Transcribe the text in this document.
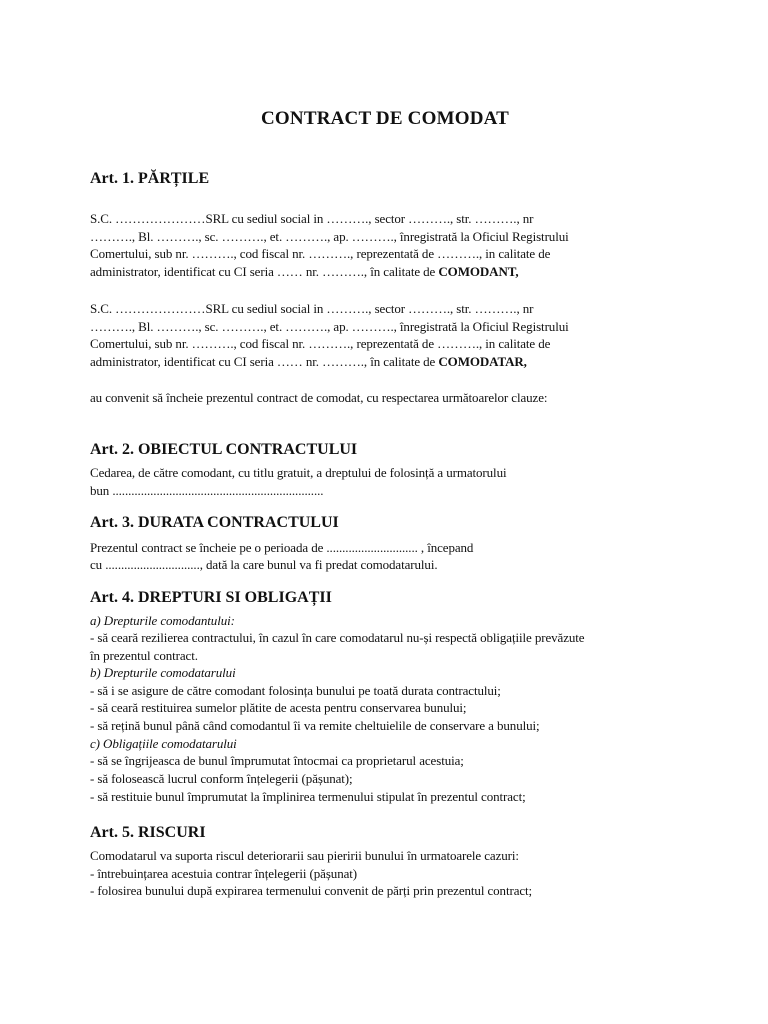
CONTRACT DE COMODAT
Art. 1. PĂRȚILE
S.C. …………………SRL cu sediul social in ………., sector ………., str. ………., nr
………., Bl. ………., sc. ………., et. ………., ap. ………., înregistrată la Oficiul Registrului
Comertului, sub nr. ………., cod fiscal nr. ………., reprezentată de ………., in calitate de
administrator, identificat cu CI seria …… nr. ………., în calitate de COMODANT,
S.C. …………………SRL cu sediul social in ………., sector ………., str. ………., nr
………., Bl. ………., sc. ………., et. ………., ap. ………., înregistrată la Oficiul Registrului
Comertului, sub nr. ………., cod fiscal nr. ………., reprezentată de ………., in calitate de
administrator, identificat cu CI seria …… nr. ………., în calitate de COMODATAR,
au convenit să încheie prezentul contract de comodat, cu respectarea următoarelor clauze:
Art. 2. OBIECTUL CONTRACTULUI
Cedarea, de către comodant, cu titlu gratuit, a dreptului de folosință a urmatorului
bun ...................................................................
Art. 3. DURATA CONTRACTULUI
Prezentul contract se încheie pe o perioada de ............................. , începand
cu .............................., dată la care bunul va fi predat comodatarului.
Art. 4. DREPTURI SI OBLIGAȚII
a) Drepturile comodantului:
- să ceară rezilierea contractului, în cazul în care comodatarul nu-și respectă obligațiile prevăzute
în prezentul contract.
b) Drepturile comodatarului
- să i se asigure de către comodant folosința bunului pe toată durata contractului;
- să ceară restituirea sumelor plătite de acesta pentru conservarea bunului;
- să rețină bunul până când comodantul îi va remite cheltuielile de conservare a bunului;
c) Obligațiile comodatarului
- să se îngrijeasca de bunul împrumutat întocmai ca proprietarul acestuia;
- să folosească lucrul conform înțelegerii (pășunat);
- să restituie bunul împrumutat la împlinirea termenului stipulat în prezentul contract;
Art. 5. RISCURI
Comodatarul va suporta riscul deteriorarii sau pieririi bunului în urmatoarele cazuri:
- întrebuințarea acestuia contrar înțelegerii (pășunat)
- folosirea bunului după expirarea termenului convenit de părți prin prezentul contract;
